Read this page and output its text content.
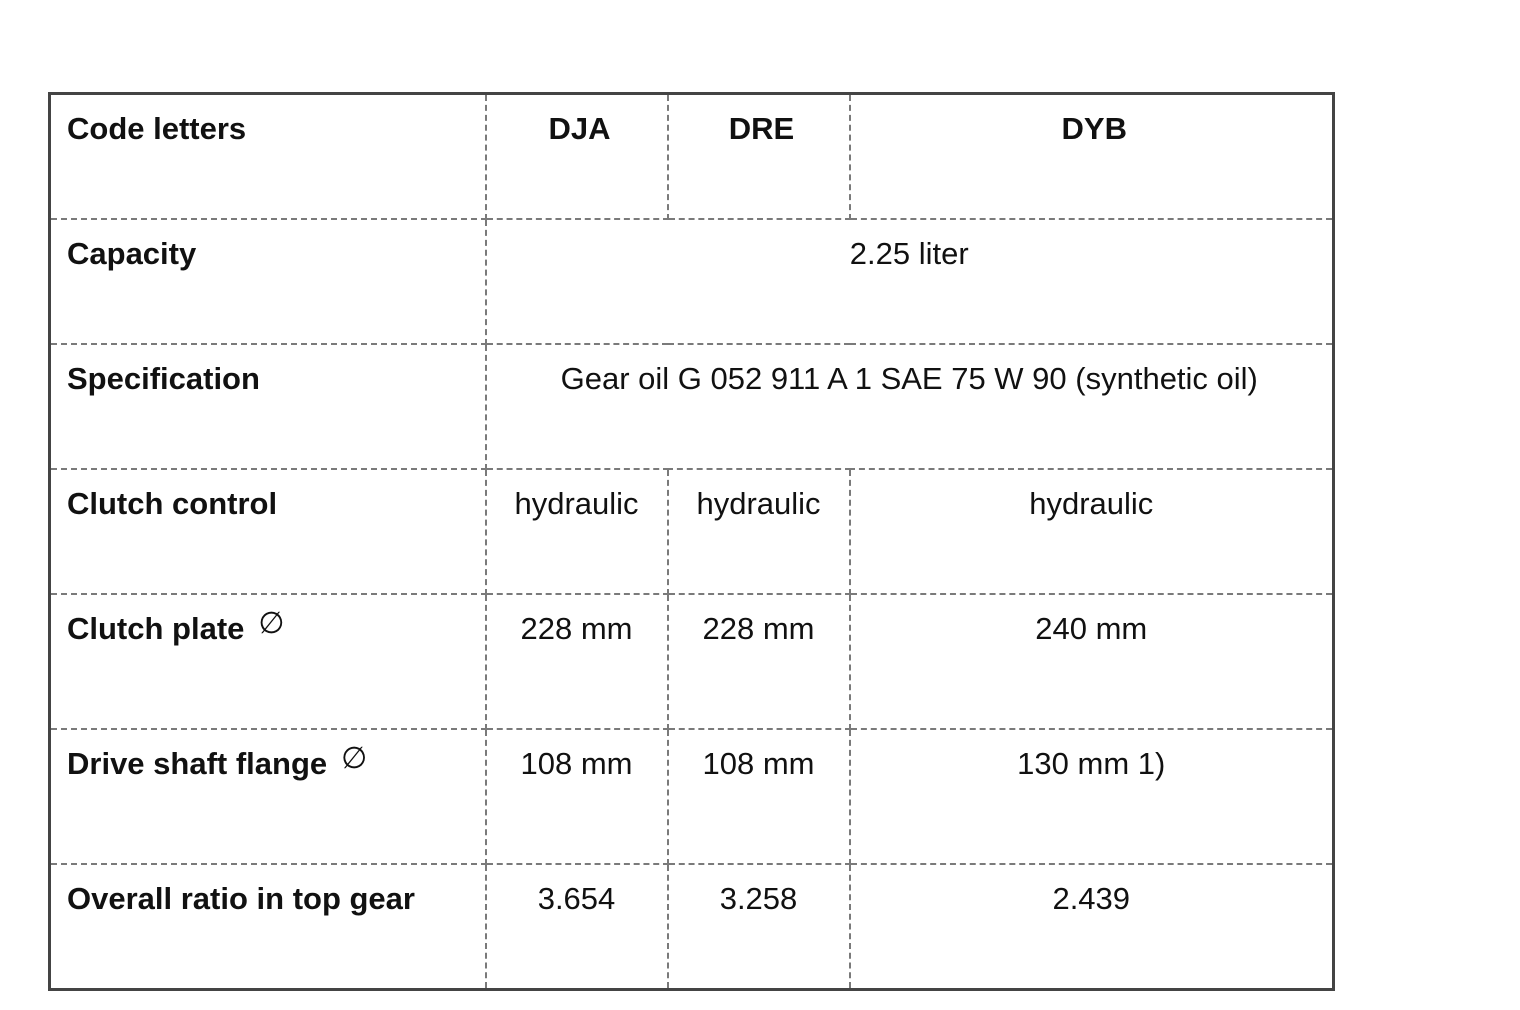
Code letters	DJA	DRE	DYB
Capacity	2.25 liter		
Specification	Gear oil G 052 911 A 1 SAE 75 W 90 (synthetic oil)		
Clutch control	hydraulic	hydraulic	hydraulic
Clutch plate ∅	228 mm	228 mm	240 mm
Drive shaft flange ∅	108 mm	108 mm	130 mm 1)
Overall ratio in top gear	3.654	3.258	2.439
